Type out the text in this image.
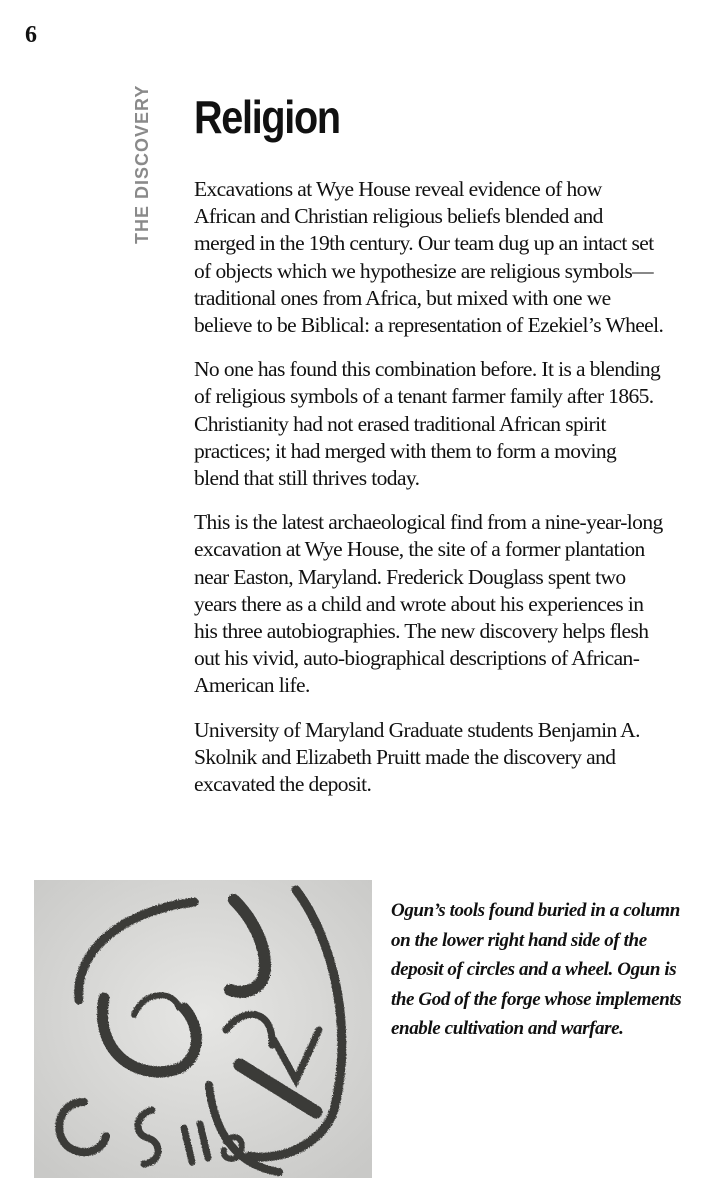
6
THE DISCOVERY Religion

Excavations at Wye House reveal evidence of how African and Christian religious beliefs blended and merged in the 19th century. Our team dug up an intact set of objects which we hypothesize are religious symbols—traditional ones from Africa, but mixed with one we believe to be Biblical: a representation of Ezekiel’s Wheel.

No one has found this combination before. It is a blending of religious symbols of a tenant farmer family after 1865. Christianity had not erased traditional African spirit practices; it had merged with them to form a moving blend that still thrives today.

This is the latest archaeological find from a nine-year-long excavation at Wye House, the site of a former plantation near Easton, Maryland. Frederick Douglass spent two years there as a child and wrote about his experiences in his three autobiographies. The new discovery helps flesh out his vivid, auto-biographical descriptions of African-American life.

University of Maryland Graduate students Benjamin A. Skolnik and Elizabeth Pruitt made the discovery and excavated the deposit.

Ogun’s tools found buried in a column on the lower right hand side of the deposit of circles and a wheel. Ogun is the God of the forge whose implements enable cultivation and warfare.
